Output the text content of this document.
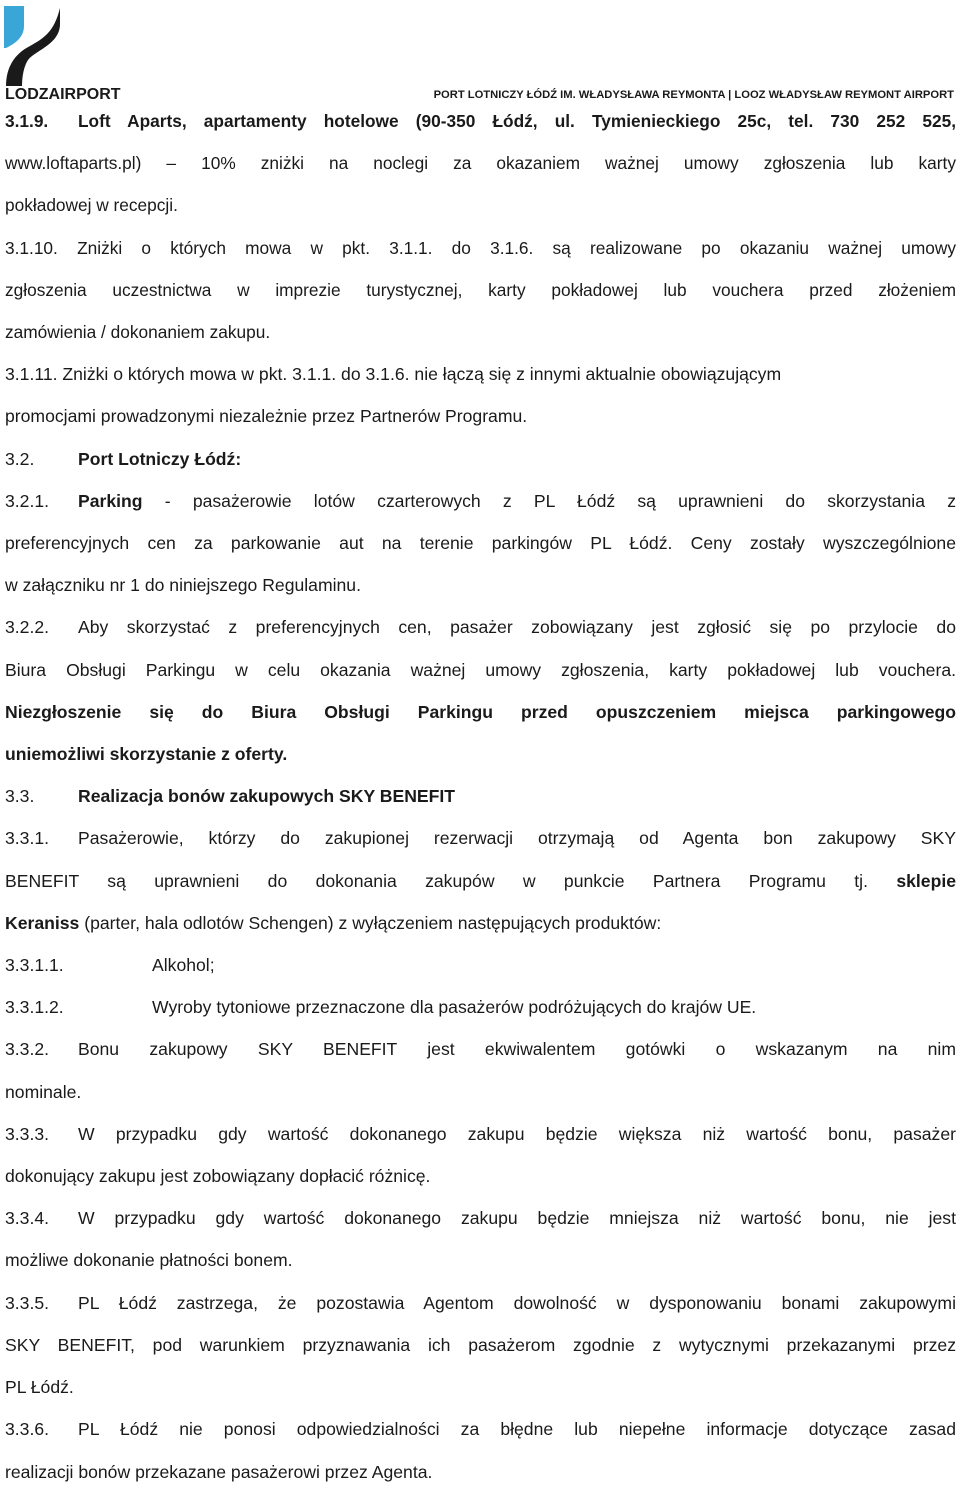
LODZAIRPORT	PORT LOTNICZY ŁÓDŹ IM. WŁADYSŁAWA REYMONTA | LOOZ WŁADYSŁAW REYMONT AIRPORT

3.1.9. Loft Aparts, apartamenty hotelowe (90-350 Łódź, ul. Tymienieckiego 25c, tel. 730 252 525,

www.loftaparts.pl) – 10% zniżki na noclegi za okazaniem ważnej umowy zgłoszenia lub karty

pokładowej w recepcji.

3.1.10. Zniżki o których mowa w pkt. 3.1.1. do 3.1.6. są realizowane po okazaniu ważnej umowy

zgłoszenia uczestnictwa w imprezie turystycznej, karty pokładowej lub vouchera przed złożeniem

zamówienia / dokonaniem zakupu.

3.1.11. Zniżki o których mowa w pkt. 3.1.1. do 3.1.6. nie łączą się z innymi aktualnie obowiązującym

promocjami prowadzonymi niezależnie przez Partnerów Programu.

3.2. Port Lotniczy Łódź:

3.2.1. Parking - pasażerowie lotów czarterowych z PL Łódź są uprawnieni do skorzystania z

preferencyjnych cen za parkowanie aut na terenie parkingów PL Łódź. Ceny zostały wyszczególnione

w załączniku nr 1 do niniejszego Regulaminu.

3.2.2. Aby skorzystać z preferencyjnych cen, pasażer zobowiązany jest zgłosić się po przylocie do

Biura Obsługi Parkingu w celu okazania ważnej umowy zgłoszenia, karty pokładowej lub vouchera.

Niezgłoszenie się do Biura Obsługi Parkingu przed opuszczeniem miejsca parkingowego

uniemożliwi skorzystanie z oferty.

3.3. Realizacja bonów zakupowych SKY BENEFIT

3.3.1. Pasażerowie, którzy do zakupionej rezerwacji otrzymają od Agenta bon zakupowy SKY

BENEFIT są uprawnieni do dokonania zakupów w punkcie Partnera Programu tj. sklepie

Keraniss (parter, hala odlotów Schengen) z wyłączeniem następujących produktów:

3.3.1.1.	Alkohol;

3.3.1.2.	Wyroby tytoniowe przeznaczone dla pasażerów podróżujących do krajów UE.

3.3.2. Bonu zakupowy SKY BENEFIT jest ekwiwalentem gotówki o wskazanym na nim

nominale.

3.3.3. W przypadku gdy wartość dokonanego zakupu będzie większa niż wartość bonu, pasażer

dokonujący zakupu jest zobowiązany dopłacić różnicę.

3.3.4. W przypadku gdy wartość dokonanego zakupu będzie mniejsza niż wartość bonu, nie jest

możliwe dokonanie płatności bonem.

3.3.5. PL Łódź zastrzega, że pozostawia Agentom dowolność w dysponowaniu bonami zakupowymi

SKY BENEFIT, pod warunkiem przyznawania ich pasażerom zgodnie z wytycznymi przekazanymi przez

PL Łódź.

3.3.6. PL Łódź nie ponosi odpowiedzialności za błędne lub niepełne informacje dotyczące zasad

realizacji bonów przekazane pasażerowi przez Agenta.
